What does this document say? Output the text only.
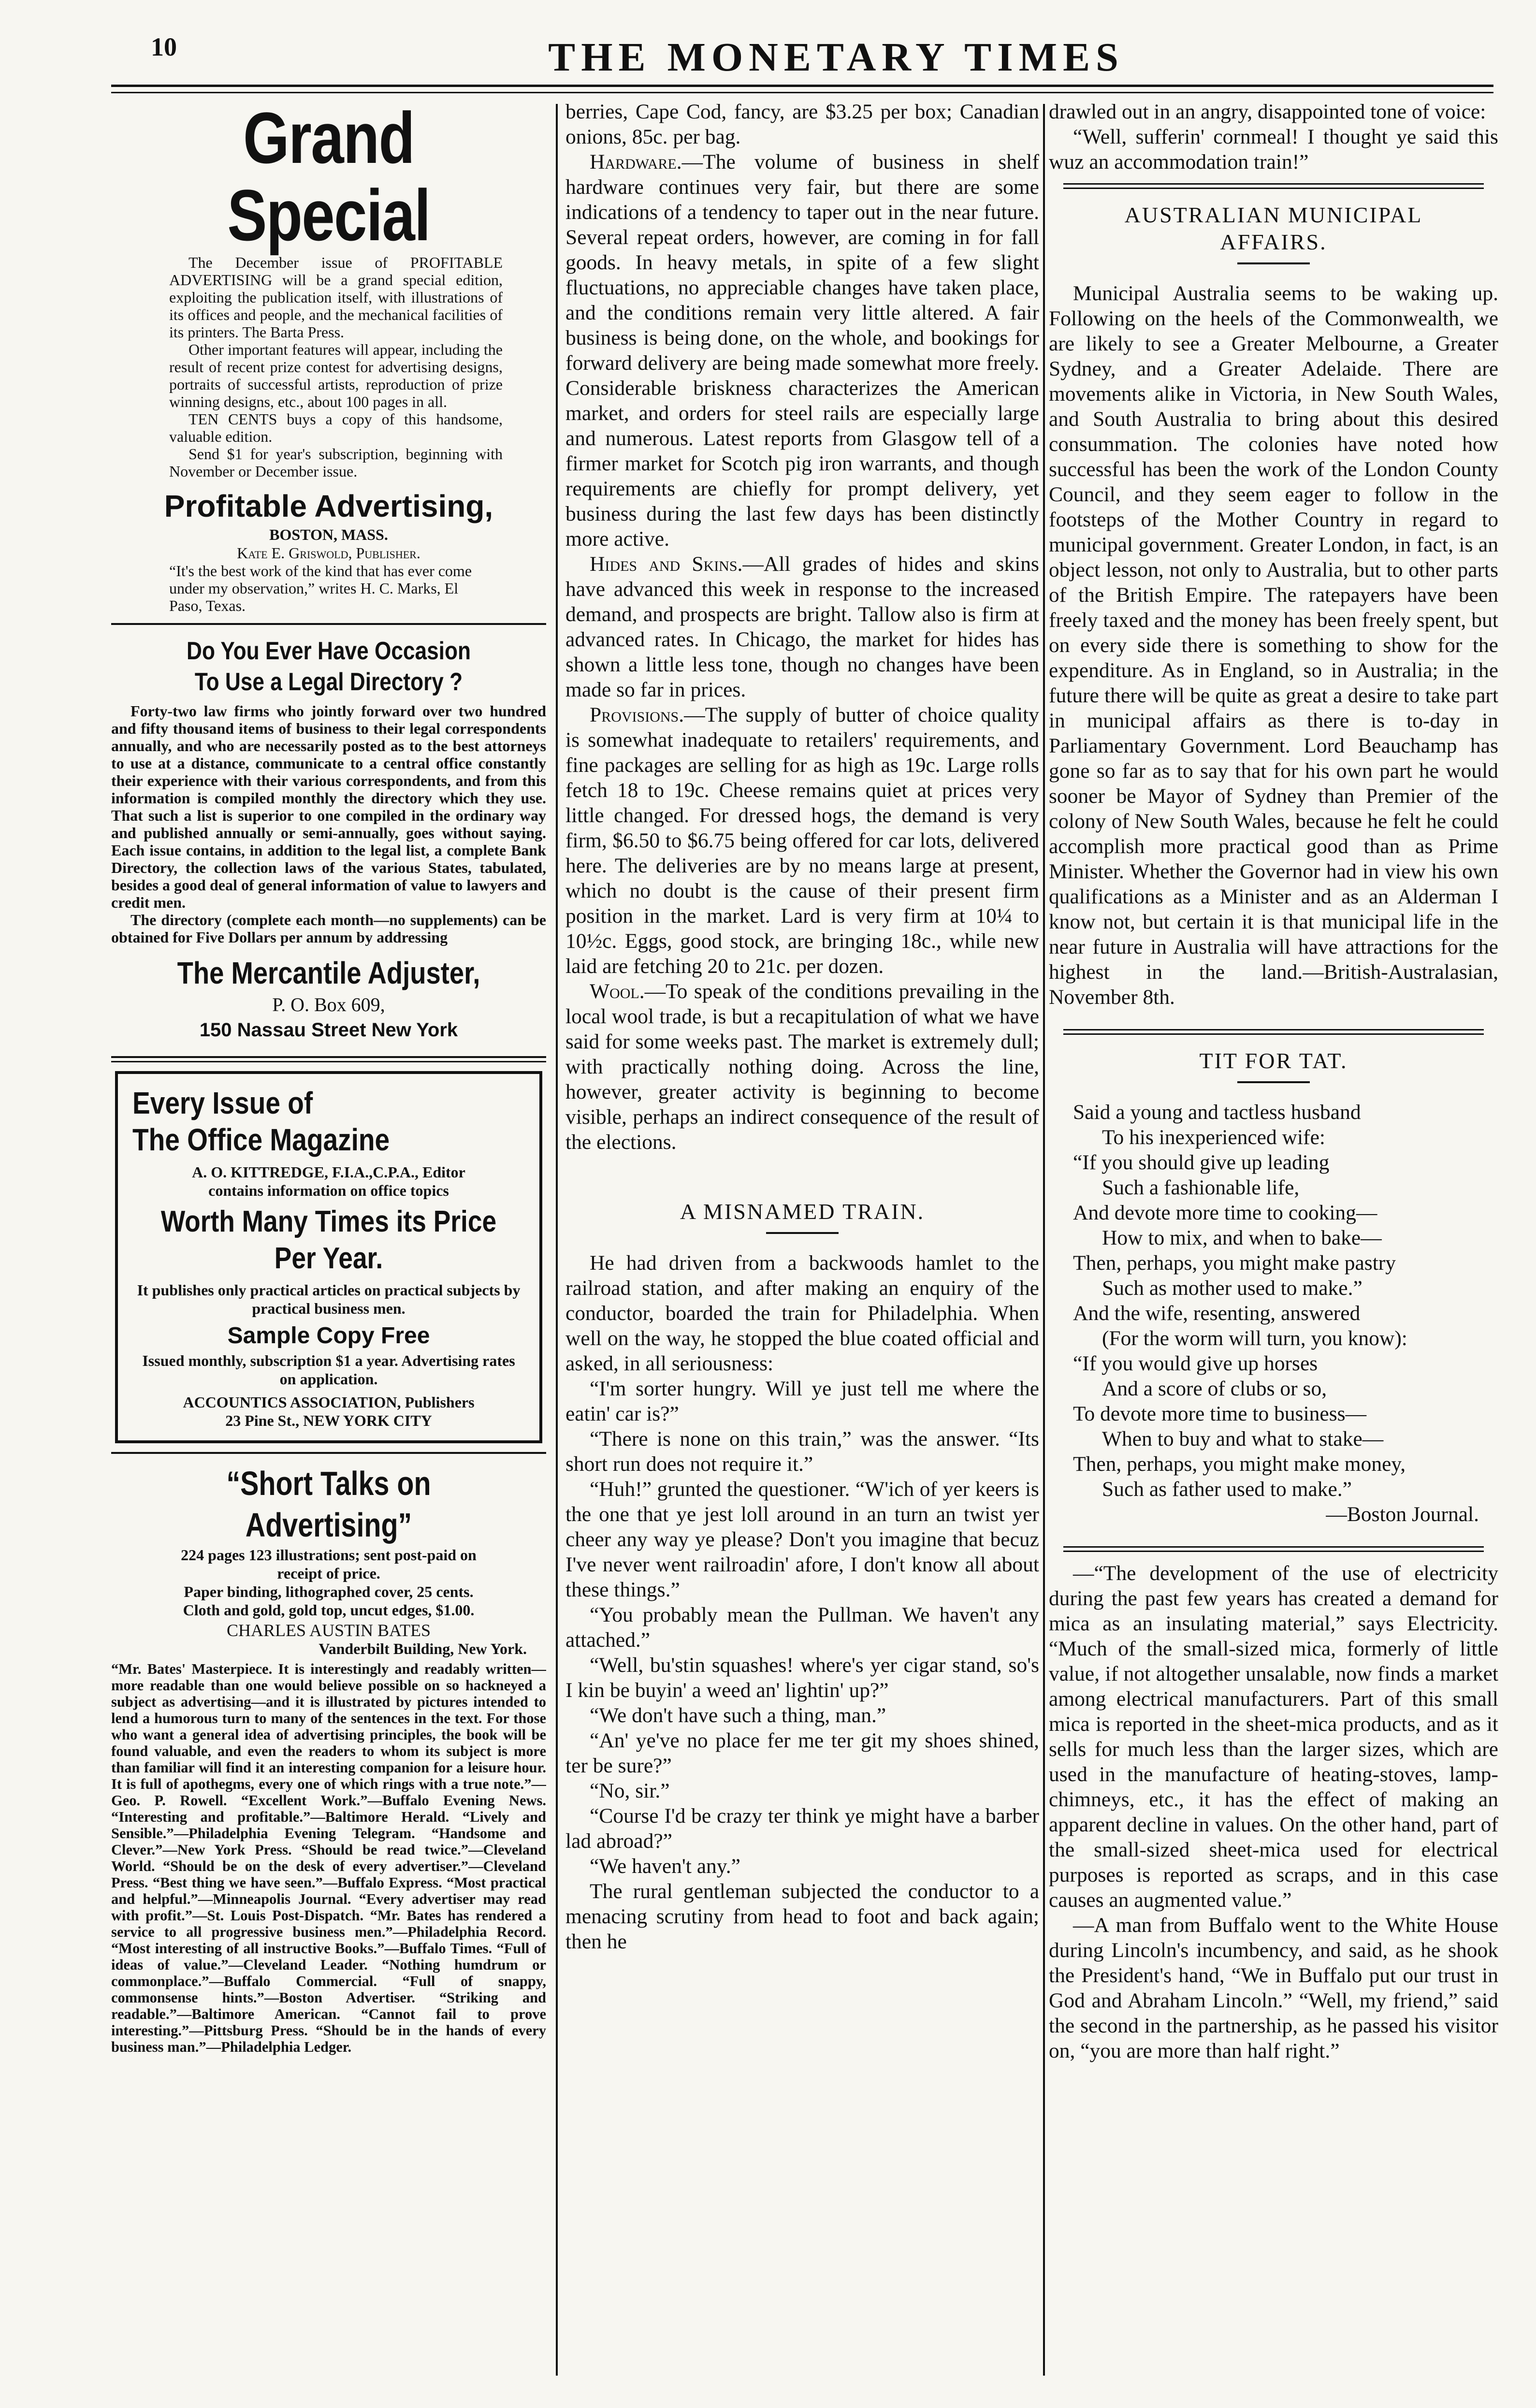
10	THE MONETARY TIMES
Grand Special
The December issue of PROFITABLE ADVERTISING will be a grand special edition, exploiting the publication itself, with illustrations of its offices and people, and the mechanical facilities of its printers. The Barta Press.
Other important features will appear, including the result of recent prize contest for advertising designs, portraits of successful artists, reproduction of prize winning designs, etc., about 100 pages in all.
TEN CENTS buys a copy of this handsome, valuable edition.
Send $1 for year's subscription, beginning with November or December issue.
Profitable Advertising,
BOSTON, MASS.
Kate E. Griswold, Publisher.
“It's the best work of the kind that has ever come under my observation,” writes H. C. Marks, El Paso, Texas.
Do You Ever Have Occasion
To Use a Legal Directory ?
Forty-two law firms who jointly forward over two hundred and fifty thousand items of business to their legal correspondents annually, and who are necessarily posted as to the best attorneys to use at a distance, communicate to a central office constantly their experience with their various correspondents, and from this information is compiled monthly the directory which they use. That such a list is superior to one compiled in the ordinary way and published annually or semi-annually, goes without saying. Each issue contains, in addition to the legal list, a complete Bank Directory, the collection laws of the various States, tabulated, besides a good deal of general information of value to lawyers and credit men.
The directory (complete each month—no supplements) can be obtained for Five Dollars per annum by addressing
The Mercantile Adjuster,
P. O. Box 609,
150 Nassau Street New York
Every Issue of
The Office Magazine
A. O. KITTREDGE, F.I.A.,C.P.A., Editor
contains information on office topics
Worth Many Times its Price
Per Year.
It publishes only practical articles on practical subjects by practical business men.
Sample Copy Free
Issued monthly, subscription $1 a year. Advertising rates on application.
ACCOUNTICS ASSOCIATION, Publishers
23 Pine St., NEW YORK CITY
“Short Talks on Advertising”
224 pages 123 illustrations; sent post-paid on receipt of price.
Paper binding, lithographed cover, 25 cents.
Cloth and gold, gold top, uncut edges, $1.00.
CHARLES AUSTIN BATES
Vanderbilt Building, New York.
“Mr. Bates' Masterpiece. It is interestingly and readably written—more readable than one would believe possible on so hackneyed a subject as advertising—and it is illustrated by pictures intended to lend a humorous turn to many of the sentences in the text. For those who want a general idea of advertising principles, the book will be found valuable, and even the readers to whom its subject is more than familiar will find it an interesting companion for a leisure hour. It is full of apothegms, every one of which rings with a true note.”—Geo. P. Rowell. “Excellent Work.”—Buffalo Evening News. “Interesting and profitable.”—Baltimore Herald. “Lively and Sensible.”—Philadelphia Evening Telegram. “Handsome and Clever.”—New York Press. “Should be read twice.”—Cleveland World. “Should be on the desk of every advertiser.”—Cleveland Press. “Best thing we have seen.”—Buffalo Express. “Most practical and helpful.”—Minneapolis Journal. “Every advertiser may read with profit.”—St. Louis Post-Dispatch. “Mr. Bates has rendered a service to all progressive business men.”—Philadelphia Record. “Most interesting of all instructive Books.”—Buffalo Times. “Full of ideas of value.”—Cleveland Leader. “Nothing humdrum or commonplace.”—Buffalo Commercial. “Full of snappy, commonsense hints.”—Boston Advertiser. “Striking and readable.”—Baltimore American. “Cannot fail to prove interesting.”—Pittsburg Press. “Should be in the hands of every business man.”—Philadelphia Ledger.

berries, Cape Cod, fancy, are $3.25 per box; Canadian onions, 85c. per bag.

Hardware.—The volume of business in shelf hardware continues very fair, but there are some indications of a tendency to taper out in the near future. Several repeat orders, however, are coming in for fall goods. In heavy metals, in spite of a few slight fluctuations, no appreciable changes have taken place, and the conditions remain very little altered. A fair business is being done, on the whole, and bookings for forward delivery are being made somewhat more freely. Considerable briskness characterizes the American market, and orders for steel rails are especially large and numerous. Latest reports from Glasgow tell of a firmer market for Scotch pig iron warrants, and though requirements are chiefly for prompt delivery, yet business during the last few days has been distinctly more active.

Hides and Skins.—All grades of hides and skins have advanced this week in response to the increased demand, and prospects are bright. Tallow also is firm at advanced rates. In Chicago, the market for hides has shown a little less tone, though no changes have been made so far in prices.

Provisions.—The supply of butter of choice quality is somewhat inadequate to retailers' requirements, and fine packages are selling for as high as 19c. Large rolls fetch 18 to 19c. Cheese remains quiet at prices very little changed. For dressed hogs, the demand is very firm, $6.50 to $6.75 being offered for car lots, delivered here. The deliveries are by no means large at present, which no doubt is the cause of their present firm position in the market. Lard is very firm at 10¼ to 10½c. Eggs, good stock, are bringing 18c., while new laid are fetching 20 to 21c. per dozen.

Wool.—To speak of the conditions prevailing in the local wool trade, is but a recapitulation of what we have said for some weeks past. The market is extremely dull; with practically nothing doing. Across the line, however, greater activity is beginning to become visible, perhaps an indirect consequence of the result of the elections.

A MISNAMED TRAIN.

He had driven from a backwoods hamlet to the railroad station, and after making an enquiry of the conductor, boarded the train for Philadelphia. When well on the way, he stopped the blue coated official and asked, in all seriousness:

“I'm sorter hungry. Will ye just tell me where the eatin' car is?”

“There is none on this train,” was the answer. “Its short run does not require it.”

“Huh!” grunted the questioner. “W'ich of yer keers is the one that ye jest loll around in an turn an twist yer cheer any way ye please? Don't you imagine that becuz I've never went railroadin' afore, I don't know all about these things.”

“You probably mean the Pullman. We haven't any attached.”

“Well, bu'stin squashes! where's yer cigar stand, so's I kin be buyin' a weed an' lightin' up?”

“We don't have such a thing, man.”

“An' ye've no place fer me ter git my shoes shined, ter be sure?”

“No, sir.”

“Course I'd be crazy ter think ye might have a barber lad abroad?”

“We haven't any.”

The rural gentleman subjected the conductor to a menacing scrutiny from head to foot and back again; then he

drawled out in an angry, disappointed tone of voice:

“Well, sufferin' cornmeal! I thought ye said this wuz an accommodation train!”

AUSTRALIAN MUNICIPAL
AFFAIRS.

Municipal Australia seems to be waking up. Following on the heels of the Commonwealth, we are likely to see a Greater Melbourne, a Greater Sydney, and a Greater Adelaide. There are movements alike in Victoria, in New South Wales, and South Australia to bring about this desired consummation. The colonies have noted how successful has been the work of the London County Council, and they seem eager to follow in the footsteps of the Mother Country in regard to municipal government. Greater London, in fact, is an object lesson, not only to Australia, but to other parts of the British Empire. The ratepayers have been freely taxed and the money has been freely spent, but on every side there is something to show for the expenditure. As in England, so in Australia; in the future there will be quite as great a desire to take part in municipal affairs as there is to-day in Parliamentary Government. Lord Beauchamp has gone so far as to say that for his own part he would sooner be Mayor of Sydney than Premier of the colony of New South Wales, because he felt he could accomplish more practical good than as Prime Minister. Whether the Governor had in view his own qualifications as a Minister and as an Alderman I know not, but certain it is that municipal life in the near future in Australia will have attractions for the highest in the land.—British-Australasian, November 8th.

TIT FOR TAT.

Said a young and tactless husband

To his inexperienced wife:

“If you should give up leading

Such a fashionable life,

And devote more time to cooking—

How to mix, and when to bake—

Then, perhaps, you might make pastry

Such as mother used to make.”

And the wife, resenting, answered

(For the worm will turn, you know):

“If you would give up horses

And a score of clubs or so,

To devote more time to business—

When to buy and what to stake—

Then, perhaps, you might make money,

Such as father used to make.”

—Boston Journal.

—“The development of the use of electricity during the past few years has created a demand for mica as an insulating material,” says Electricity. “Much of the small-sized mica, formerly of little value, if not altogether unsalable, now finds a market among electrical manufacturers. Part of this small mica is reported in the sheet-mica products, and as it sells for much less than the larger sizes, which are used in the manufacture of heating-stoves, lamp-chimneys, etc., it has the effect of making an apparent decline in values. On the other hand, part of the small-sized sheet-mica used for electrical purposes is reported as scraps, and in this case causes an augmented value.”

—A man from Buffalo went to the White House during Lincoln's incumbency, and said, as he shook the President's hand, “We in Buffalo put our trust in God and Abraham Lincoln.” “Well, my friend,” said the second in the partnership, as he passed his visitor on, “you are more than half right.”
